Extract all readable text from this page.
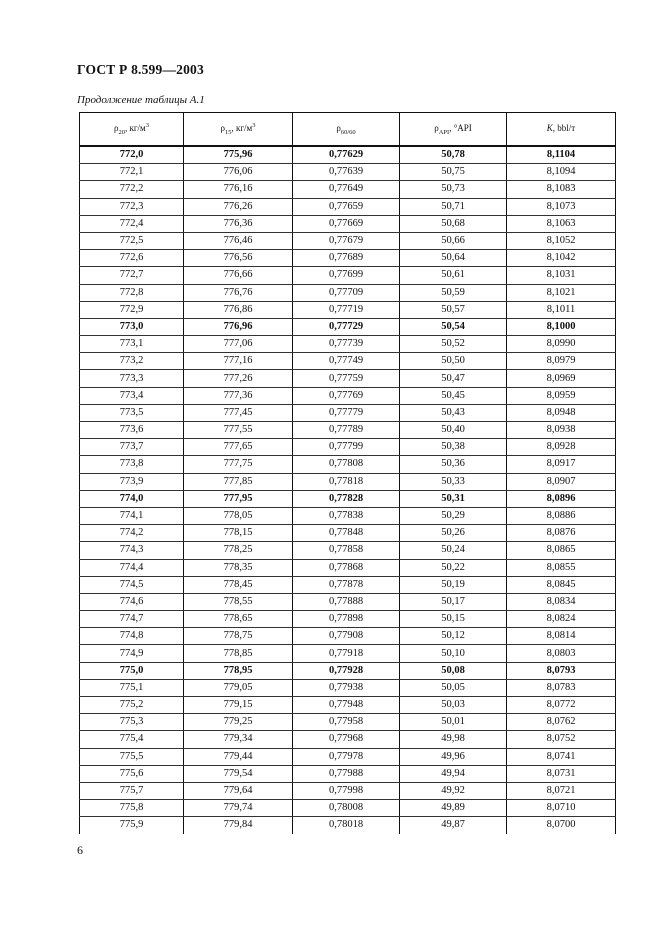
ГОСТ Р 8.599—2003
Продолжение таблицы А.1
$\rho_{20}$, $кг/м^3$	$\rho_{15}$, $кг/м^3$	$\rho_{60/60}$	$\rho_{API}$, °API	K, bbl/т
772,0	775,96	0,77629	50,78	8,1104
772,1	776,06	0,77639	50,75	8,1094
772,2	776,16	0,77649	50,73	8,1083
772,3	776,26	0,77659	50,71	8,1073
772,4	776,36	0,77669	50,68	8,1063
772,5	776,46	0,77679	50,66	8,1052
772,6	776,56	0,77689	50,64	8,1042
772,7	776,66	0,77699	50,61	8,1031
772,8	776,76	0,77709	50,59	8,1021
772,9	776,86	0,77719	50,57	8,1011
773,0	776,96	0,77729	50,54	8,1000
773,1	777,06	0,77739	50,52	8,0990
773,2	777,16	0,77749	50,50	8,0979
773,3	777,26	0,77759	50,47	8,0969
773,4	777,36	0,77769	50,45	8,0959
773,5	777,45	0,77779	50,43	8,0948
773,6	777,55	0,77789	50,40	8,0938
773,7	777,65	0,77799	50,38	8,0928
773,8	777,75	0,77808	50,36	8,0917
773,9	777,85	0,77818	50,33	8,0907
774,0	777,95	0,77828	50,31	8,0896
774,1	778,05	0,77838	50,29	8,0886
774,2	778,15	0,77848	50,26	8,0876
774,3	778,25	0,77858	50,24	8,0865
774,4	778,35	0,77868	50,22	8,0855
774,5	778,45	0,77878	50,19	8,0845
774,6	778,55	0,77888	50,17	8,0834
774,7	778,65	0,77898	50,15	8,0824
774,8	778,75	0,77908	50,12	8,0814
774,9	778,85	0,77918	50,10	8,0803
775,0	778,95	0,77928	50,08	8,0793
775,1	779,05	0,77938	50,05	8,0783
775,2	779,15	0,77948	50,03	8,0772
775,3	779,25	0,77958	50,01	8,0762
775,4	779,34	0,77968	49,98	8,0752
775,5	779,44	0,77978	49,96	8,0741
775,6	779,54	0,77988	49,94	8,0731
775,7	779,64	0,77998	49,92	8,0721
775,8	779,74	0,78008	49,89	8,0710
775,9	779,84	0,78018	49,87	8,0700
6
